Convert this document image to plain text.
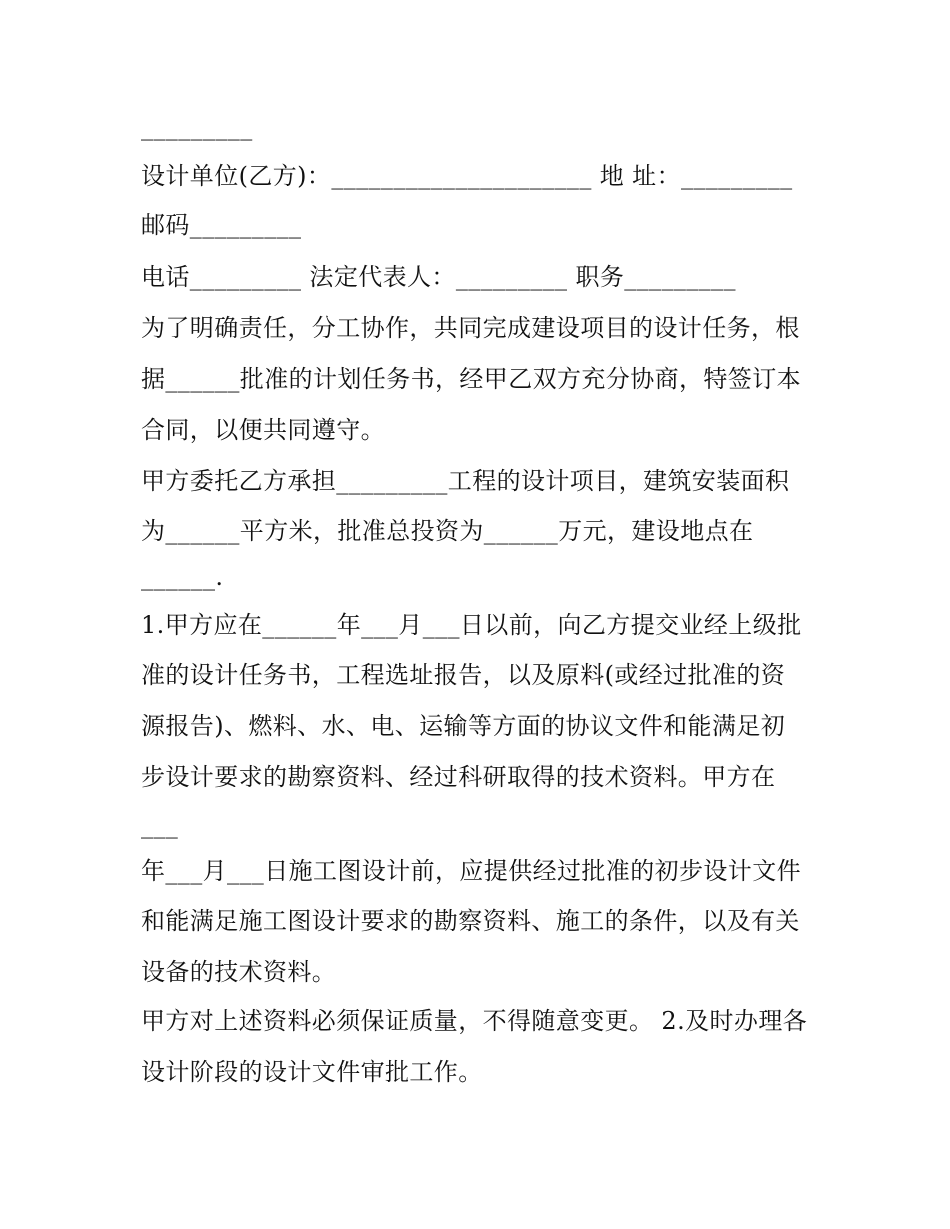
_________
设计单位(乙方)：_____________________ 地 址：_________
邮码_________
电话_________ 法定代表人：_________ 职务_________
为了明确责任，分工协作，共同完成建设项目的设计任务，根
据______批准的计划任务书，经甲乙双方充分协商，特签订本
合同，以便共同遵守。
甲方委托乙方承担_________工程的设计项目，建筑安装面积
为______平方米，批准总投资为______万元，建设地点在
______.
1.甲方应在______年___月___日以前，向乙方提交业经上级批
准的设计任务书，工程选址报告，以及原料(或经过批准的资
源报告)、燃料、水、电、运输等方面的协议文件和能满足初
步设计要求的勘察资料、经过科研取得的技术资料。甲方在
___
年___月___日施工图设计前，应提供经过批准的初步设计文件
和能满足施工图设计要求的勘察资料、施工的条件，以及有关
设备的技术资料。
甲方对上述资料必须保证质量，不得随意变更。 2.及时办理各
设计阶段的设计文件审批工作。
